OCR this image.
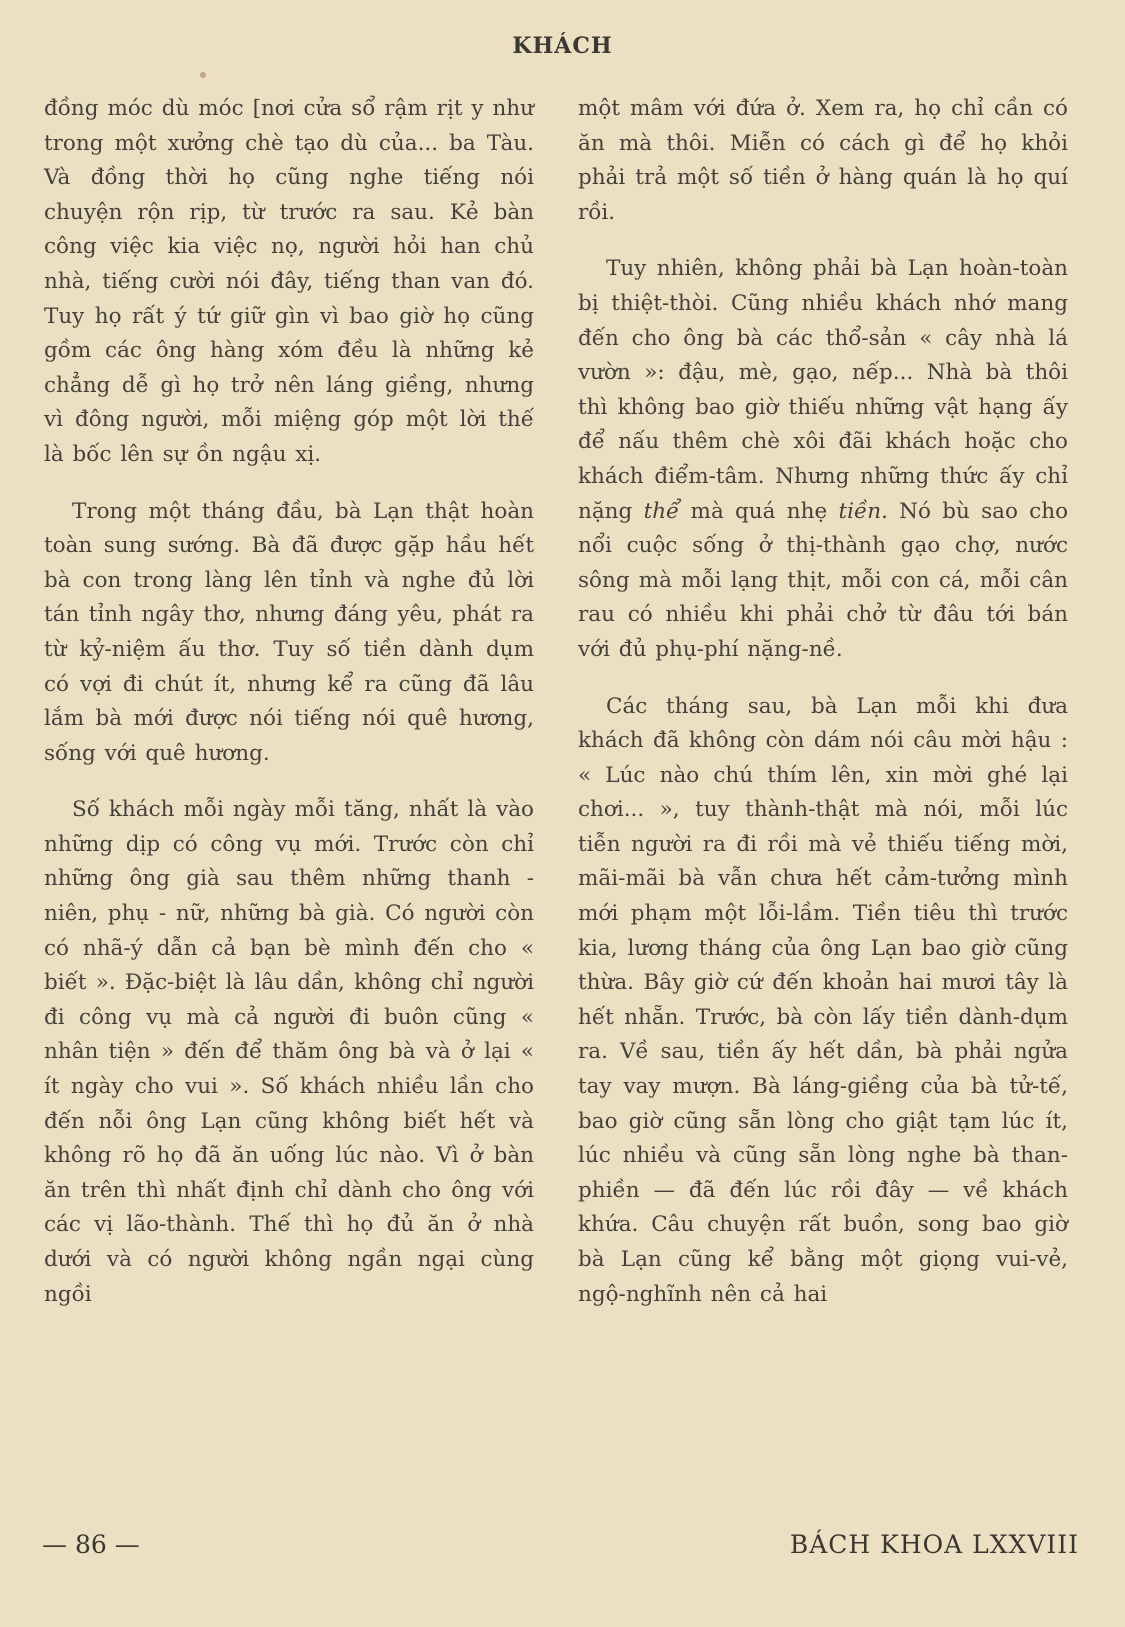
KHÁCH

đồng móc dù móc [nơi cửa sổ rậm rịt y như trong một xưởng chè tạo dù của... ba Tàu. Và đồng thời họ cũng nghe tiếng nói chuyện rộn rịp, từ trước ra sau. Kẻ bàn công việc kia việc nọ, người hỏi han chủ nhà, tiếng cười nói đây, tiếng than van đó. Tuy họ rất ý tứ giữ gìn vì bao giờ họ cũng gồm các ông hàng xóm đều là những kẻ chẳng dễ gì họ trở nên láng giềng, nhưng vì đông người, mỗi miệng góp một lời thế là bốc lên sự ồn ngậu xị.

Trong một tháng đầu, bà Lạn thật hoàn toàn sung sướng. Bà đã được gặp hầu hết bà con trong làng lên tỉnh và nghe đủ lời tán tỉnh ngây thơ, nhưng đáng yêu, phát ra từ kỷ-niệm ấu thơ. Tuy số tiền dành dụm có vợi đi chút ít, nhưng kể ra cũng đã lâu lắm bà mới được nói tiếng nói quê hương, sống với quê hương.

Số khách mỗi ngày mỗi tăng, nhất là vào những dịp có công vụ mới. Trước còn chỉ những ông già sau thêm những thanh - niên, phụ - nữ, những bà già. Có người còn có nhã-ý dẫn cả bạn bè mình đến cho « biết ». Đặc-biệt là lâu dần, không chỉ người đi công vụ mà cả người đi buôn cũng « nhân tiện » đến để thăm ông bà và ở lại « ít ngày cho vui ». Số khách nhiều lần cho đến nỗi ông Lạn cũng không biết hết và không rõ họ đã ăn uống lúc nào. Vì ở bàn ăn trên thì nhất định chỉ dành cho ông với các vị lão-thành. Thế thì họ đủ ăn ở nhà dưới và có người không ngần ngại cùng ngồi

một mâm với đứa ở. Xem ra, họ chỉ cần có ăn mà thôi. Miễn có cách gì để họ khỏi phải trả một số tiền ở hàng quán là họ quí rồi.

Tuy nhiên, không phải bà Lạn hoàn-toàn bị thiệt-thòi. Cũng nhiều khách nhớ mang đến cho ông bà các thổ-sản « cây nhà lá vườn »: đậu, mè, gạo, nếp... Nhà bà thôi thì không bao giờ thiếu những vật hạng ấy để nấu thêm chè xôi đãi khách hoặc cho khách điểm-tâm. Nhưng những thức ấy chỉ nặng thể mà quá nhẹ tiền. Nó bù sao cho nổi cuộc sống ở thị-thành gạo chợ, nước sông mà mỗi lạng thịt, mỗi con cá, mỗi cân rau có nhiều khi phải chở từ đâu tới bán với đủ phụ-phí nặng-nề.

Các tháng sau, bà Lạn mỗi khi đưa khách đã không còn dám nói câu mời hậu : « Lúc nào chú thím lên, xin mời ghé lại chơi... », tuy thành-thật mà nói, mỗi lúc tiễn người ra đi rồi mà vẻ thiếu tiếng mời, mãi-mãi bà vẫn chưa hết cảm-tưởng mình mới phạm một lỗi-lầm. Tiền tiêu thì trước kia, lương tháng của ông Lạn bao giờ cũng thừa. Bây giờ cứ đến khoản hai mươi tây là hết nhẵn. Trước, bà còn lấy tiền dành-dụm ra. Về sau, tiền ấy hết dần, bà phải ngửa tay vay mượn. Bà láng-giềng của bà tử-tế, bao giờ cũng sẵn lòng cho giật tạm lúc ít, lúc nhiều và cũng sẵn lòng nghe bà than-phiền — đã đến lúc rồi đây — về khách khứa. Câu chuyện rất buồn, song bao giờ bà Lạn cũng kể bằng một giọng vui-vẻ, ngộ-nghĩnh nên cả hai

— 86 —	BÁCH KHOA LXXVIII
